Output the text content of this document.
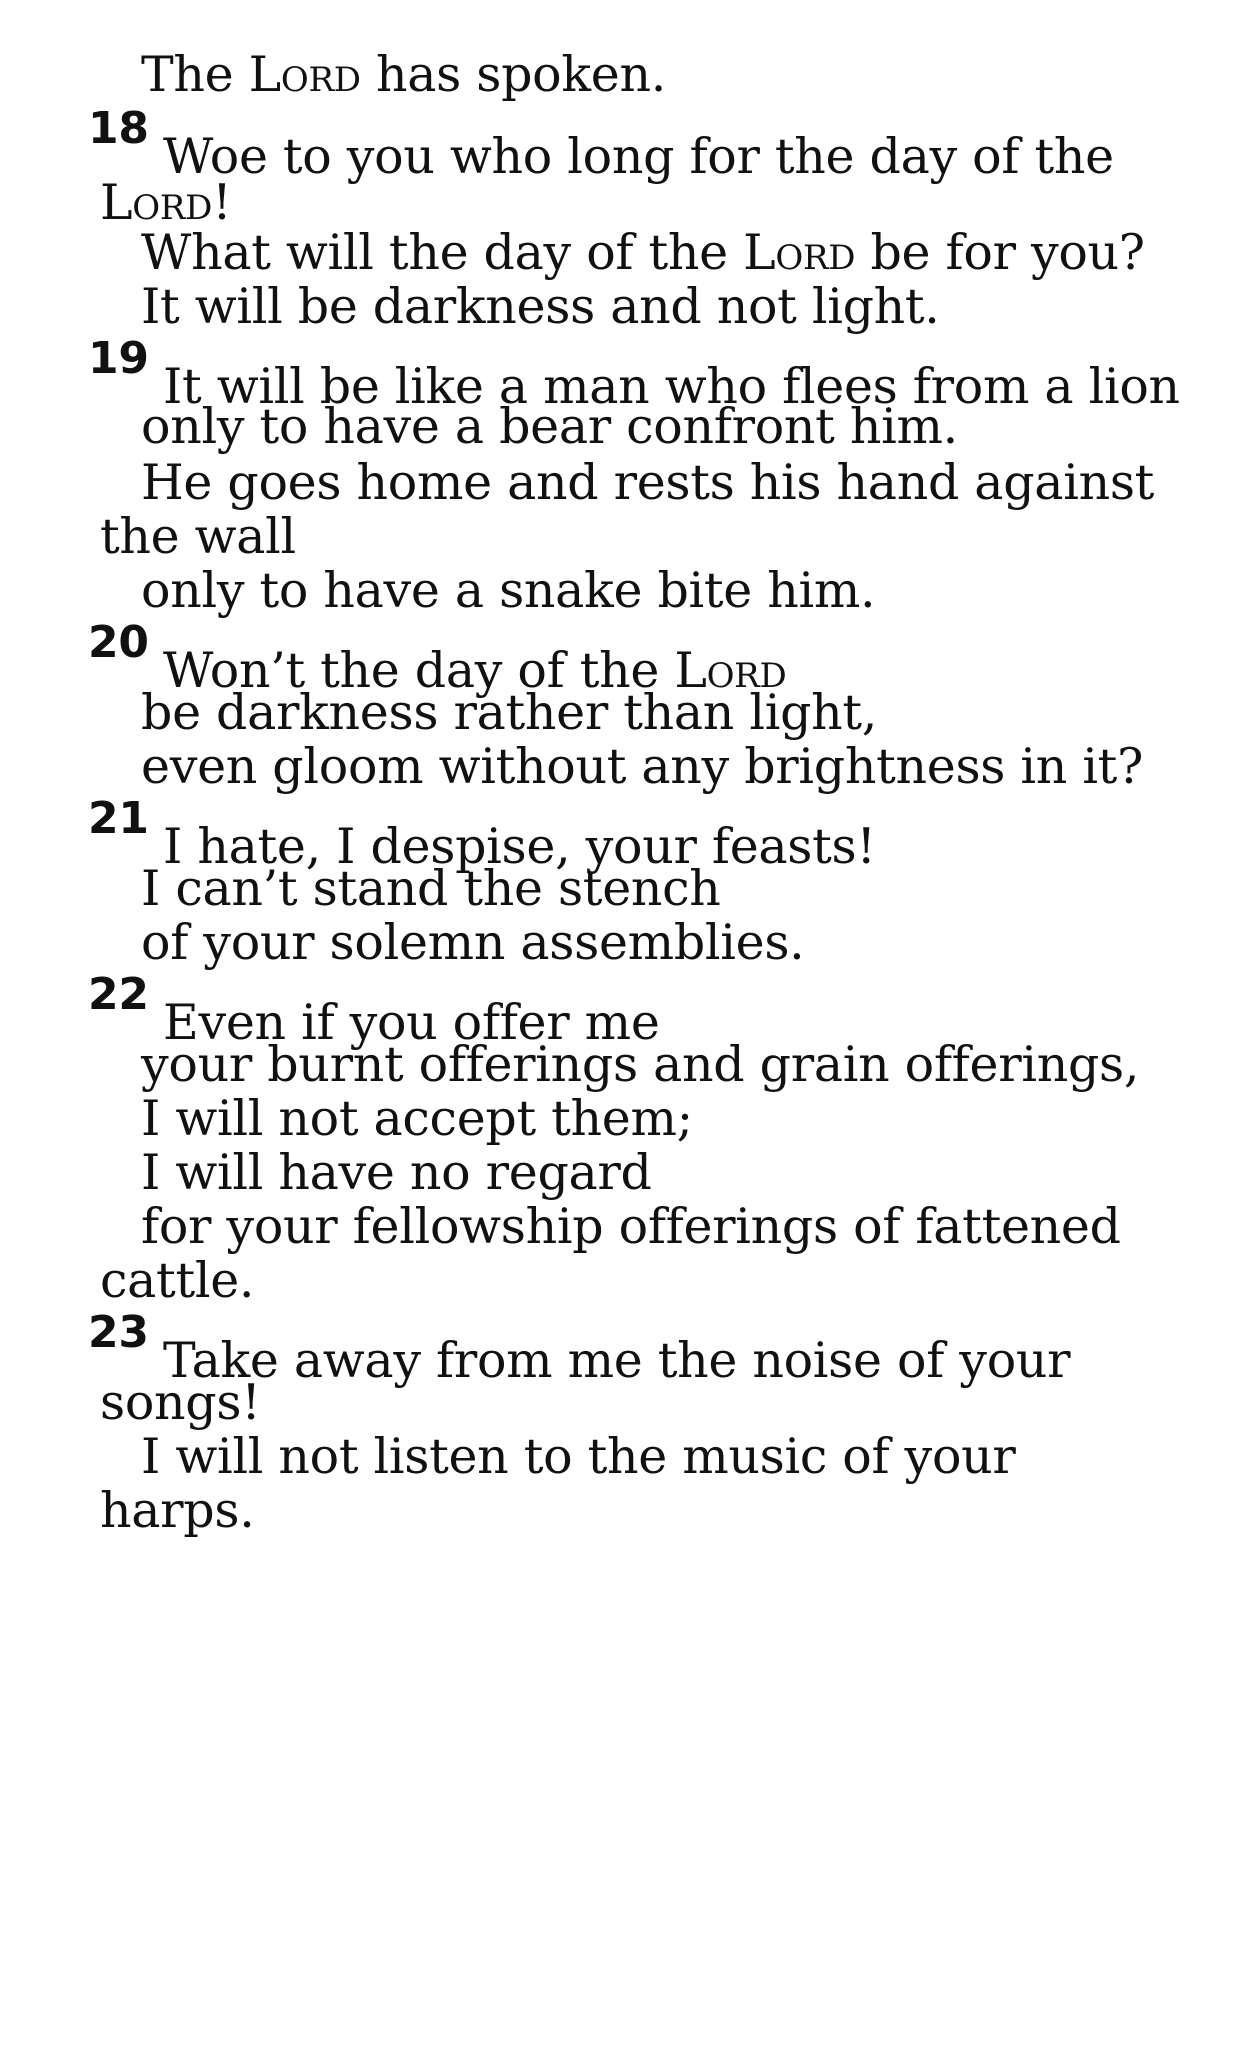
The Lord has spoken.
18 Woe to you who long for the day of the
Lord!
What will the day of the Lord be for you?
It will be darkness and not light.
19 It will be like a man who flees from a lion
only to have a bear confront him.
He goes home and rests his hand against
the wall
only to have a snake bite him.
20 Won’t the day of the Lord
be darkness rather than light,
even gloom without any brightness in it?
21 I hate, I despise, your feasts!
I can’t stand the stench
of your solemn assemblies.
22 Even if you offer me
your burnt offerings and grain offerings,
I will not accept them;
I will have no regard
for your fellowship offerings of fattened
cattle.
23 Take away from me the noise of your
songs!
I will not listen to the music of your
harps.
